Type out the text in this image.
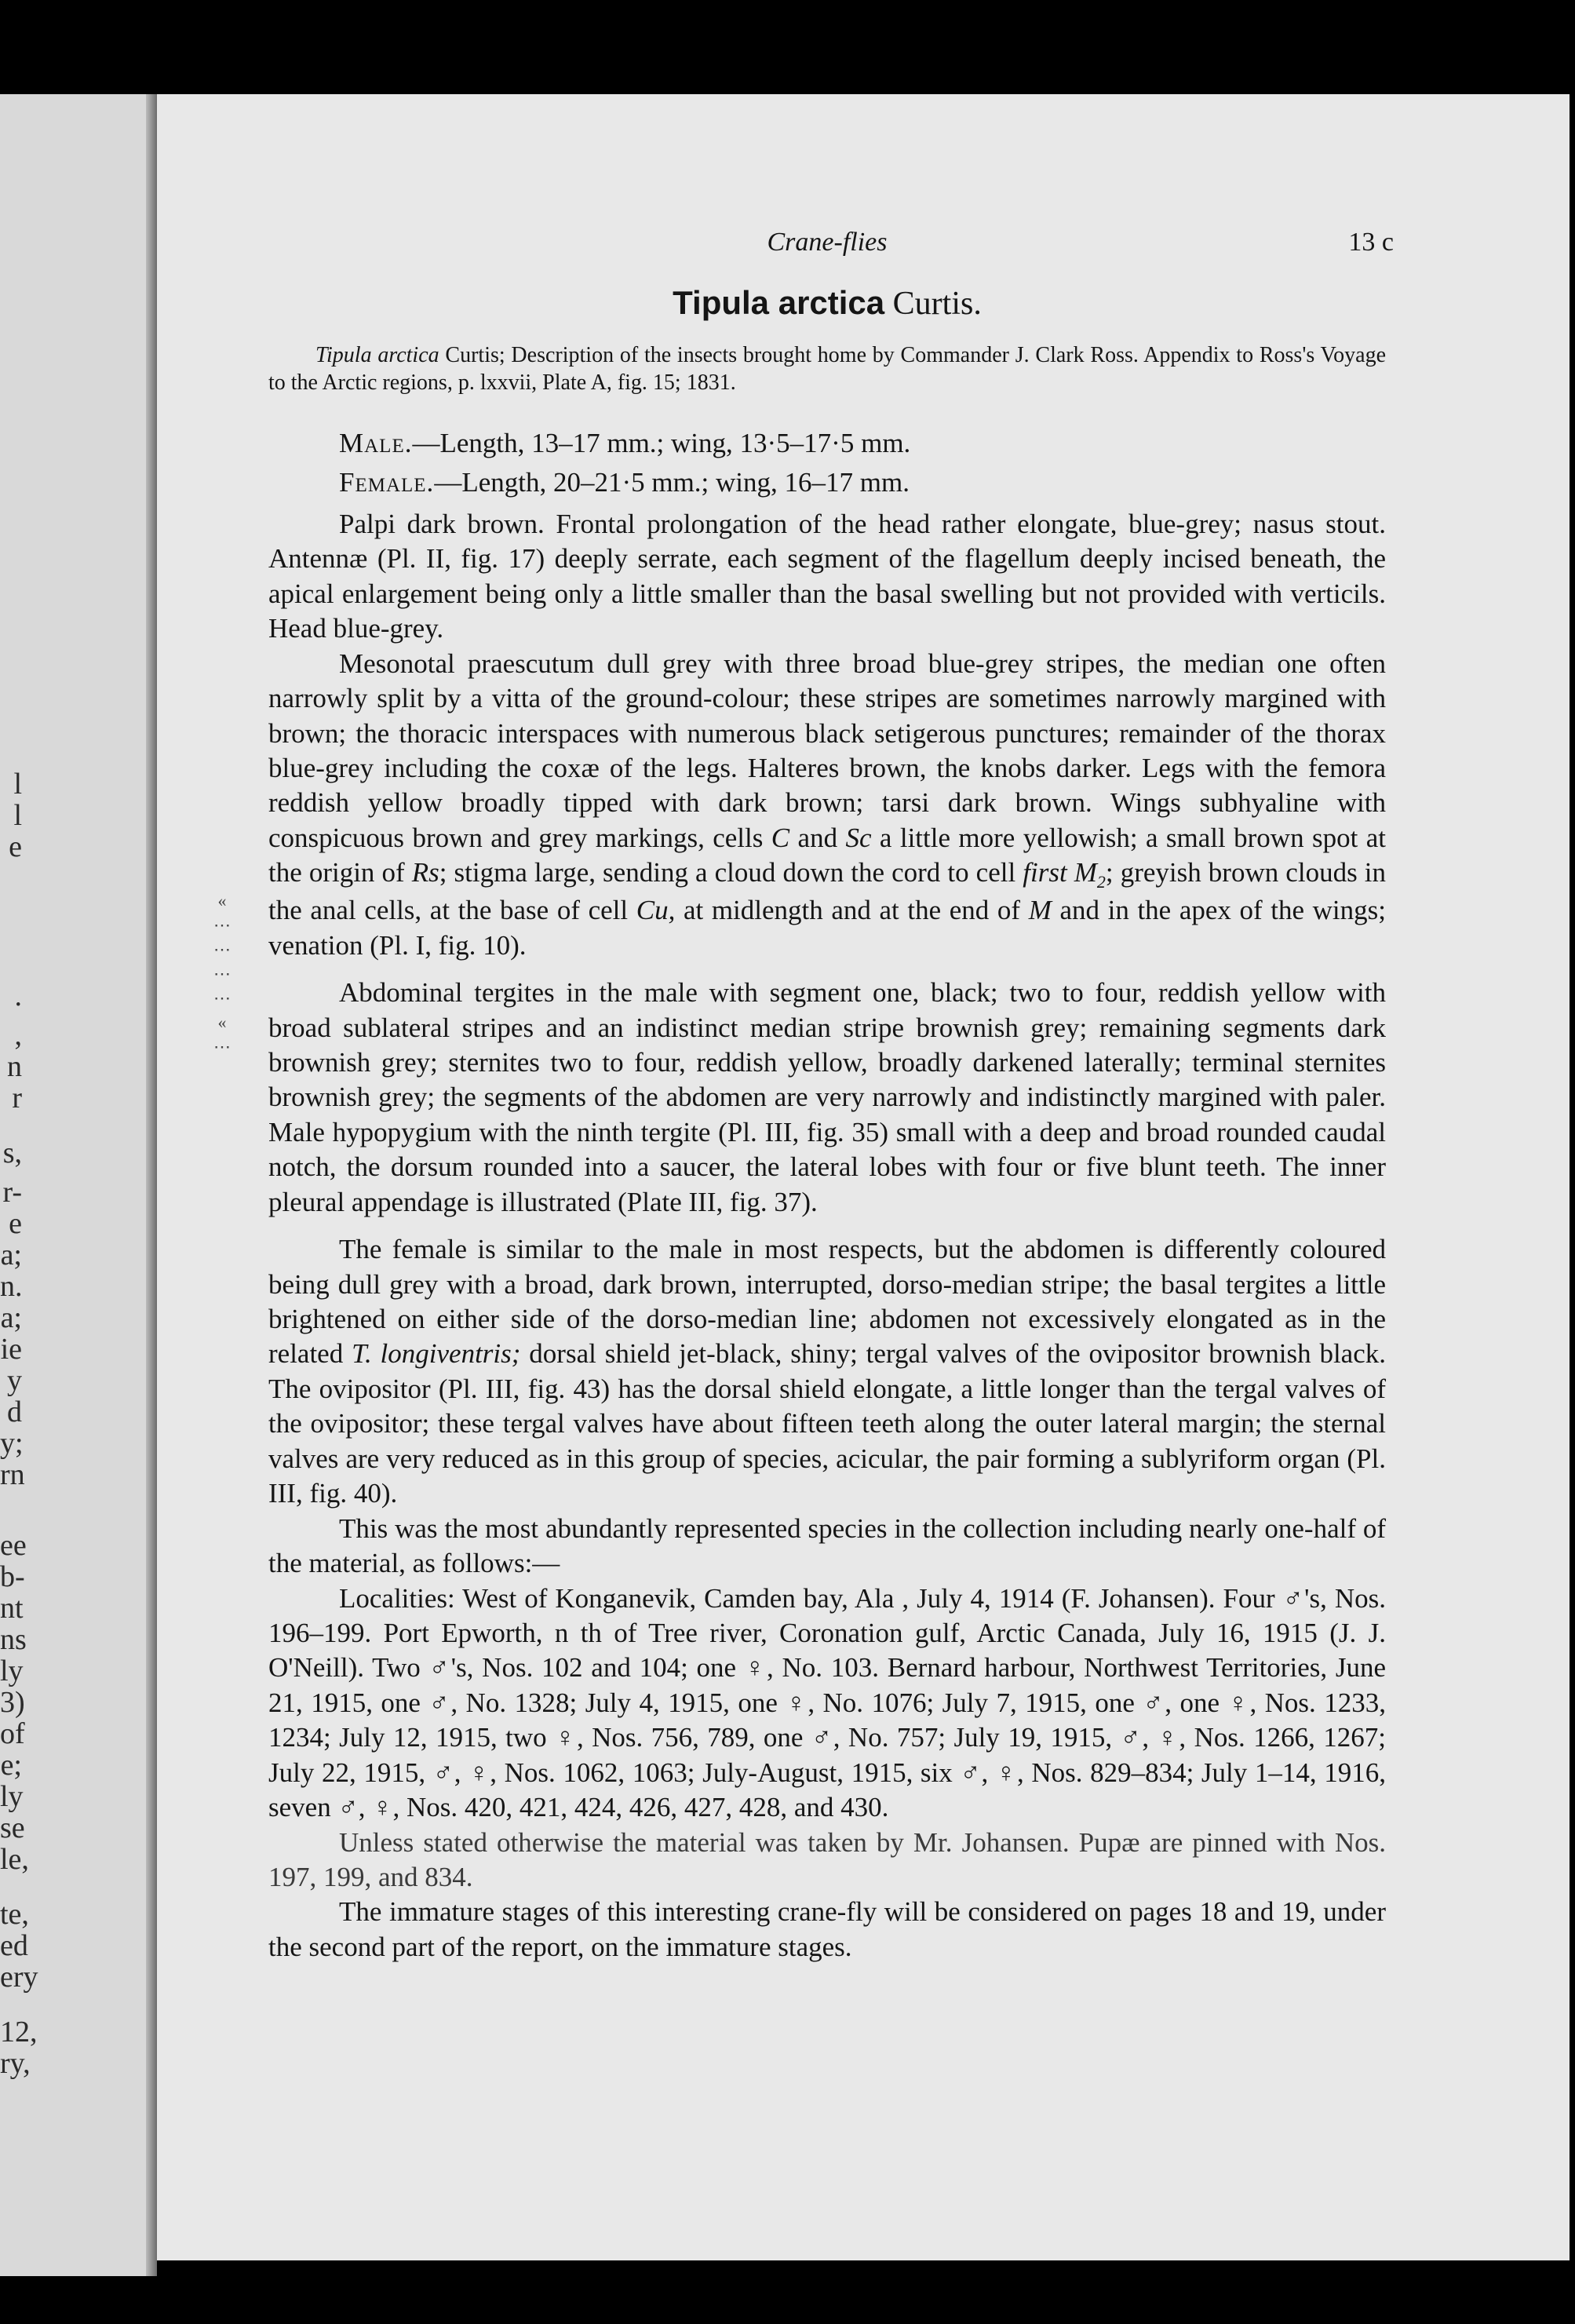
l
l
e
.
,
n
r
s,
r-
e
a;
n.
a;
ie
y
d
y;
rn
ee
b-
nt
ns
ly
3)
of
e;
ly
se
le,
te,
ed
ery
12,
ry,
«
⋯
⋯
⋯
⋯
«
⋯
Crane-flies	13 c
Tipula arctica Curtis.
Tipula arctica Curtis; Description of the insects brought home by Commander J. Clark Ross. Appendix to Ross's Voyage to the Arctic regions, p. lxxvii, Plate A, fig. 15; 1831.
Male.—Length, 13–17 mm.; wing, 13·5–17·5 mm.
Female.—Length, 20–21·5 mm.; wing, 16–17 mm.

Palpi dark brown. Frontal prolongation of the head rather elongate, blue-grey; nasus stout. Antennæ (Pl. II, fig. 17) deeply serrate, each segment of the flagellum deeply incised beneath, the apical enlargement being only a little smaller than the basal swelling but not provided with verticils. Head blue-grey.

Mesonotal praescutum dull grey with three broad blue-grey stripes, the median one often narrowly split by a vitta of the ground-colour; these stripes are sometimes narrowly margined with brown; the thoracic interspaces with numerous black setigerous punctures; remainder of the thorax blue-grey including the coxæ of the legs. Halteres brown, the knobs darker. Legs with the femora reddish yellow broadly tipped with dark brown; tarsi dark brown. Wings subhyaline with conspicuous brown and grey markings, cells C and Sc a little more yellowish; a small brown spot at the origin of Rs; stigma large, sending a cloud down the cord to cell first $M_2$; greyish brown clouds in the anal cells, at the base of cell Cu, at midlength and at the end of M and in the apex of the wings; venation (Pl. I, fig. 10).

Abdominal tergites in the male with segment one, black; two to four, reddish yellow with broad sublateral stripes and an indistinct median stripe brownish grey; remaining segments dark brownish grey; sternites two to four, reddish yellow, broadly darkened laterally; terminal sternites brownish grey; the segments of the abdomen are very narrowly and indistinctly margined with paler. Male hypopygium with the ninth tergite (Pl. III, fig. 35) small with a deep and broad rounded caudal notch, the dorsum rounded into a saucer, the lateral lobes with four or five blunt teeth. The inner pleural appendage is illustrated (Plate III, fig. 37).

The female is similar to the male in most respects, but the abdomen is differently coloured being dull grey with a broad, dark brown, interrupted, dorso-median stripe; the basal tergites a little brightened on either side of the dorso-median line; abdomen not excessively elongated as in the related T. longiventris; dorsal shield jet-black, shiny; tergal valves of the ovipositor brownish black. The ovipositor (Pl. III, fig. 43) has the dorsal shield elongate, a little longer than the tergal valves of the ovipositor; these tergal valves have about fifteen teeth along the outer lateral margin; the sternal valves are very reduced as in this group of species, acicular, the pair forming a sublyriform organ (Pl. III, fig. 40).

This was the most abundantly represented species in the collection including nearly one-half of the material, as follows:—

Localities: West of Konganevik, Camden bay, Ala , July 4, 1914 (F. Johansen). Four ♂'s, Nos. 196–199. Port Epworth, n th of Tree river, Coronation gulf, Arctic Canada, July 16, 1915 (J. J. O'Neill). Two ♂'s, Nos. 102 and 104; one ♀, No. 103. Bernard harbour, Northwest Territories, June 21, 1915, one ♂, No. 1328; July 4, 1915, one ♀, No. 1076; July 7, 1915, one ♂, one ♀, Nos. 1233, 1234; July 12, 1915, two ♀, Nos. 756, 789, one ♂, No. 757; July 19, 1915, ♂, ♀, Nos. 1266, 1267; July 22, 1915, ♂, ♀, Nos. 1062, 1063; July-August, 1915, six ♂, ♀, Nos. 829–834; July 1–14, 1916, seven ♂, ♀, Nos. 420, 421, 424, 426, 427, 428, and 430.

Unless stated otherwise the material was taken by Mr. Johansen. Pupæ are pinned with Nos. 197, 199, and 834.

The immature stages of this interesting crane-fly will be considered on pages 18 and 19, under the second part of the report, on the immature stages.
